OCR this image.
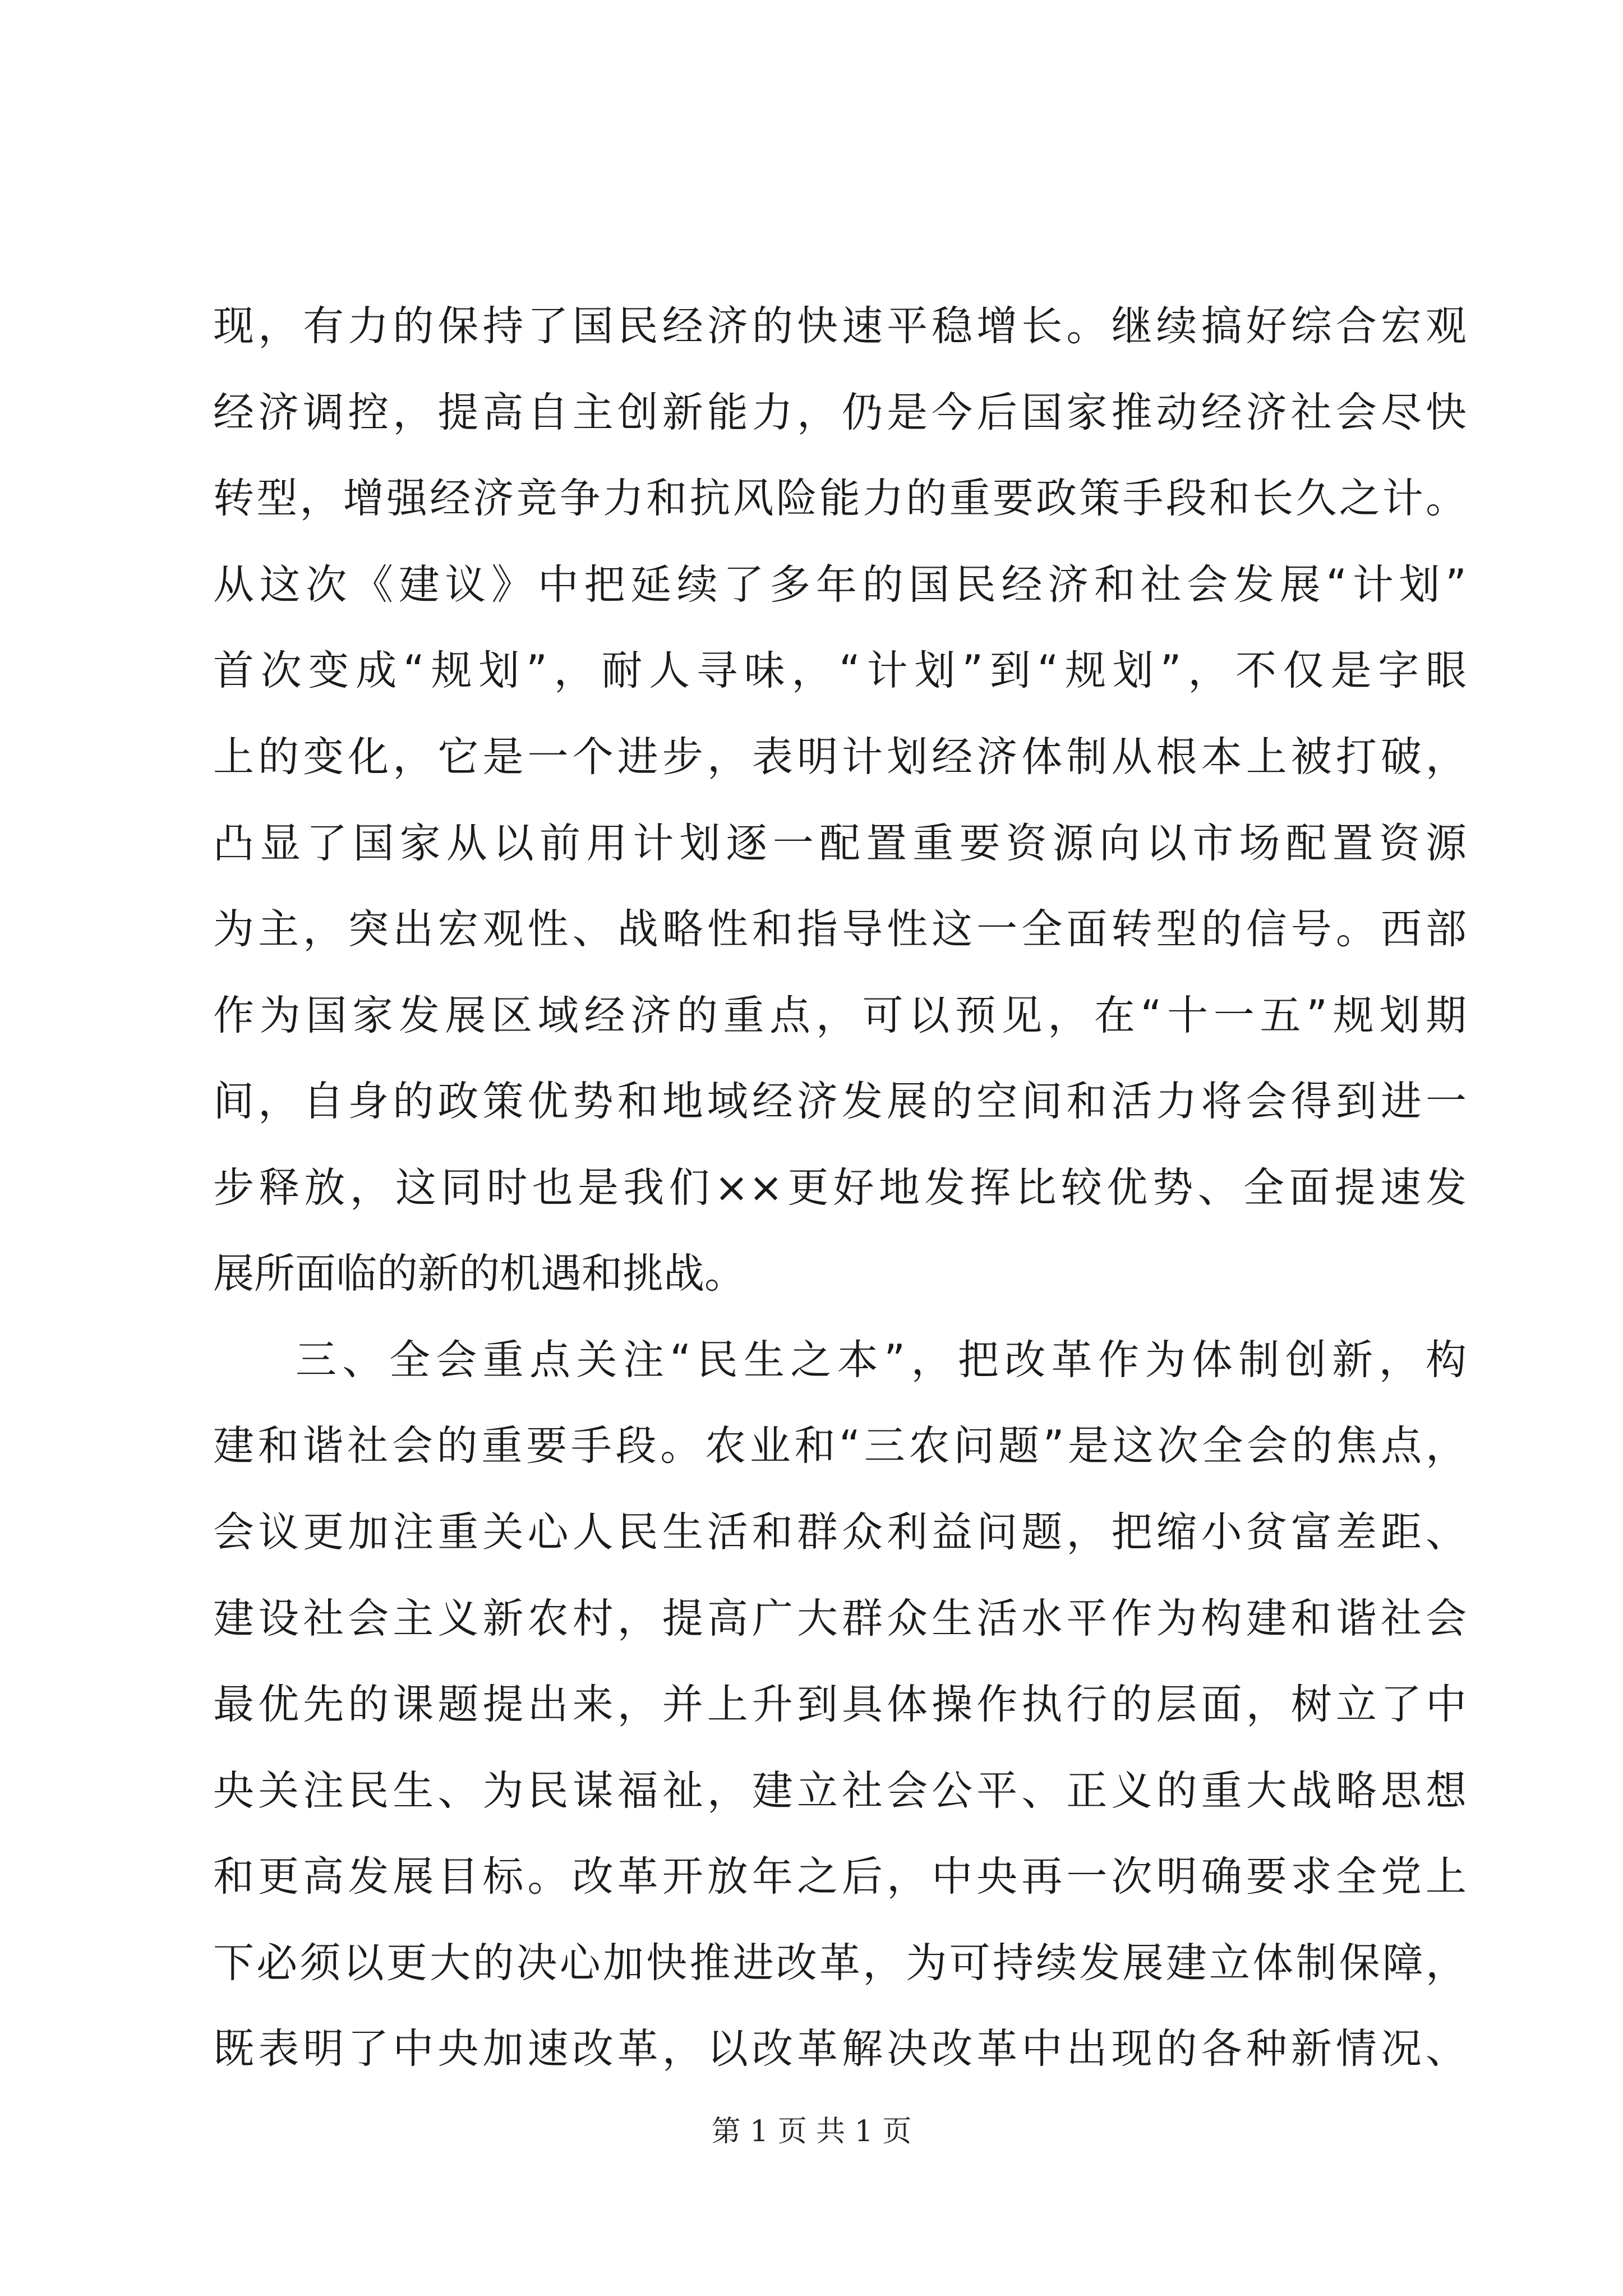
现，有力的保持了国民经济的快速平稳增长。继续搞好综合宏观
经济调控，提高自主创新能力，仍是今后国家推动经济社会尽快
转型，增强经济竞争力和抗风险能力的重要政策手段和长久之计。
从这次《建议》中把延续了多年的国民经济和社会发展“计划”
首次变成“规划”，耐人寻味，“计划”到“规划”，不仅是字眼
上的变化，它是一个进步，表明计划经济体制从根本上被打破，
凸显了国家从以前用计划逐一配置重要资源向以市场配置资源
为主，突出宏观性、战略性和指导性这一全面转型的信号。西部
作为国家发展区域经济的重点，可以预见，在“十一五”规划期
间，自身的政策优势和地域经济发展的空间和活力将会得到进一
步释放，这同时也是我们××更好地发挥比较优势、全面提速发
展所面临的新的机遇和挑战。
三、全会重点关注“民生之本”，把改革作为体制创新，构
建和谐社会的重要手段。农业和“三农问题”是这次全会的焦点，
会议更加注重关心人民生活和群众利益问题，把缩小贫富差距、
建设社会主义新农村，提高广大群众生活水平作为构建和谐社会
最优先的课题提出来，并上升到具体操作执行的层面，树立了中
央关注民生、为民谋福祉，建立社会公平、正义的重大战略思想
和更高发展目标。改革开放年之后，中央再一次明确要求全党上
下必须以更大的决心加快推进改革，为可持续发展建立体制保障，
既表明了中央加速改革，以改革解决改革中出现的各种新情况、
第 1 页 共 1 页
